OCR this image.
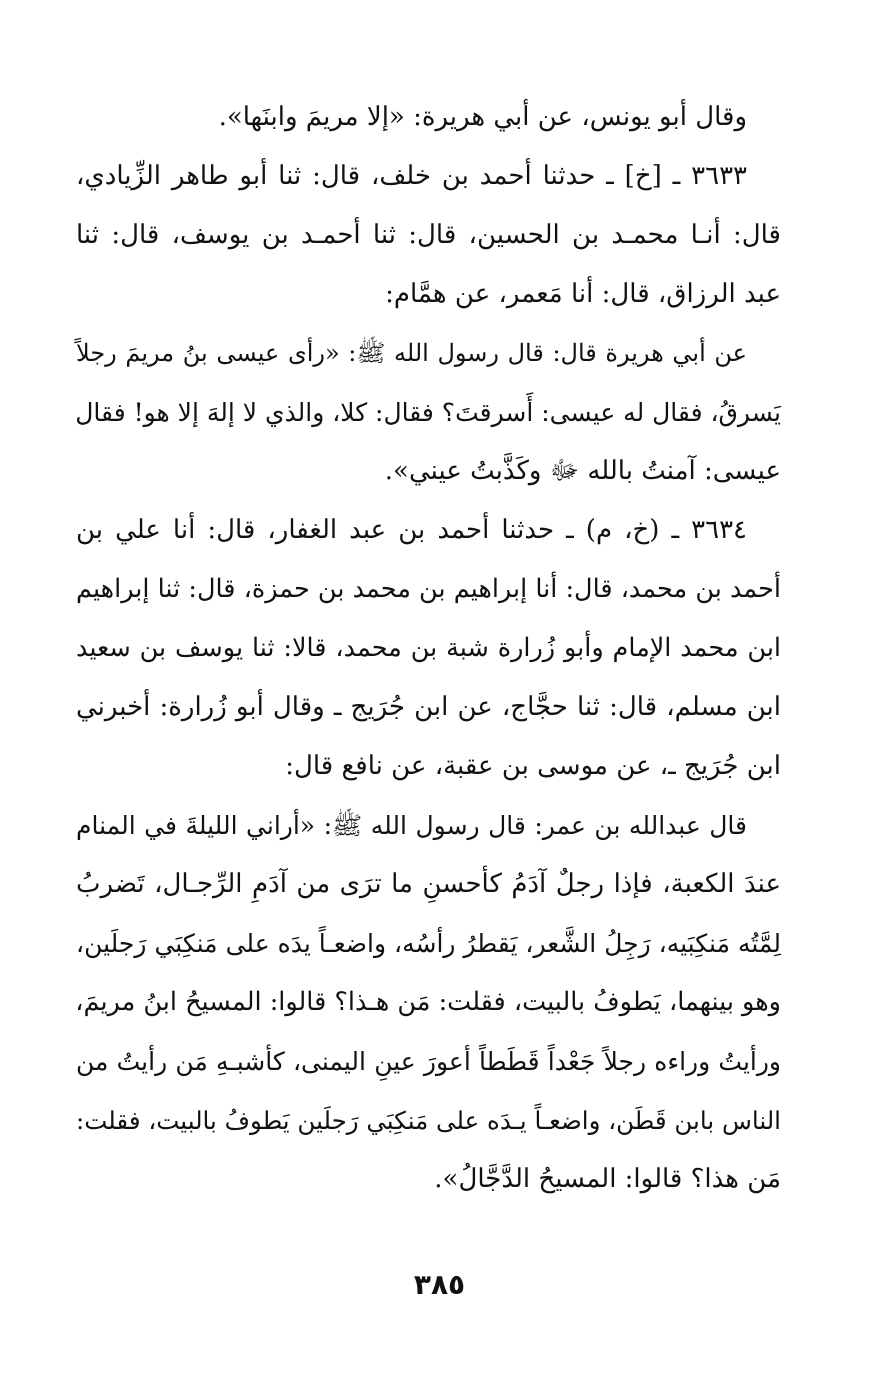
وقال أبو يونس، عن أبي هريرة: «إلا مريمَ وابنَها».
٣٦٣٣ ـ [خ] ـ حدثنا أحمد بن خلف، قال: ثنا أبو طاهر الزِّيادي،
قال: أنـا محمـد بن الحسين، قال: ثنا أحمـد بن يوسف، قال: ثنا
عبد الرزاق، قال: أنا مَعمر، عن همَّام:
عن أبي هريرة قال: قال رسول الله ﷺ: «رأى عيسى بنُ مريمَ رجلاً
يَسرقُ، فقال له عيسى: أَسرقتَ؟ فقال: كلا، والذي لا إلهَ إلا هو! فقال
عيسى: آمنتُ بالله ﷻ وكَذَّبتُ عيني».
٣٦٣٤ ـ (خ، م) ـ حدثنا أحمد بن عبد الغفار، قال: أنا علي بن
أحمد بن محمد، قال: أنا إبراهيم بن محمد بن حمزة، قال: ثنا إبراهيم
ابن محمد الإمام وأبو زُرارة شبة بن محمد، قالا: ثنا يوسف بن سعيد
ابن مسلم، قال: ثنا حجَّاج، عن ابن جُرَيج ـ وقال أبو زُرارة: أخبرني
ابن جُرَيج ـ، عن موسى بن عقبة، عن نافع قال:
قال عبدالله بن عمر: قال رسول الله ﷺ: «أراني الليلةَ في المنام
عندَ الكعبة، فإذا رجلٌ آدَمُ كأحسنِ ما ترَى من آدَمِ الرِّجـال، تَضربُ
لِمَّتُه مَنكِبَيه، رَجِلُ الشَّعر، يَقطرُ رأسُه، واضعـاً يدَه على مَنكِبَي رَجلَين،
وهو بينهما، يَطوفُ بالبيت، فقلت: مَن هـذا؟ قالوا: المسيحُ ابنُ مريمَ،
ورأيتُ وراءه رجلاً جَعْداً قَطَطاً أعورَ عينِ اليمنى، كأشبـهِ مَن رأيتُ من
الناس بابن قَطَن، واضعـاً يـدَه على مَنكِبَي رَجلَين يَطوفُ بالبيت، فقلت:
مَن هذا؟ قالوا: المسيحُ الدَّجَّالُ».
٣٨٥
